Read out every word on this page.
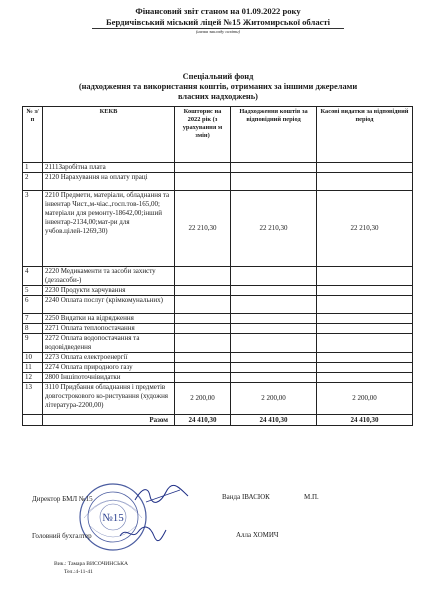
Фінансовий звіт станом на 01.09.2022 року
Бердичівський міський ліцей №15 Житомирської області
(назва закладу освіти)
Спеціальний фонд
(надходження та використання коштів, отриманих за іншими джерелами
власних надходжень)
№ з/п	КЕКВ	Кошторис на 2022 рік (з урахування м змін)	Надходження коштів за відповідний період	Касові видатки за відповідний період
1	2111Заробітна плата			
2	2120 Нарахування на оплату праці			
3	2210 Предмети, матеріали, обладнання та інвентар Чист.,м-чіас.,госп.тов-165,00; матеріали для ремонту-18642,00;інший інвентар-2134,00;мат-ри для учбов.цілей-1269,30)	22 210,30	22 210,30	22 210,30
4	2220 Медикаменти та засоби захисту (деззасоби-)			
5	2230 Продукти харчування			
6	2240 Оплата послуг (крімкомунальних)			
7	2250 Видатки на відрядження			
8	2271 Оплата теплопостачання			
9	2272 Оплата водопостачання та водовідведення			
10	2273 Оплата електроенергії			
11	2274 Оплата природного газу			
12	2800 Іншіпоточнівидатки			
13	3110 Придбання обладнання і предметів довгострокового ко-ристування (художня література-2200,00)	2 200,00	2 200,00	2 200,00
	Разом	24 410,30	24 410,30	24 410,30
№15
Директор БМЛ №15	Ванда ІВАСЮК	М.П.
Головний бухгалтер	Алла ХОМИЧ
Вик.: Тамара ВИСОЧИНСЬКА
Тел.:4-11-41
